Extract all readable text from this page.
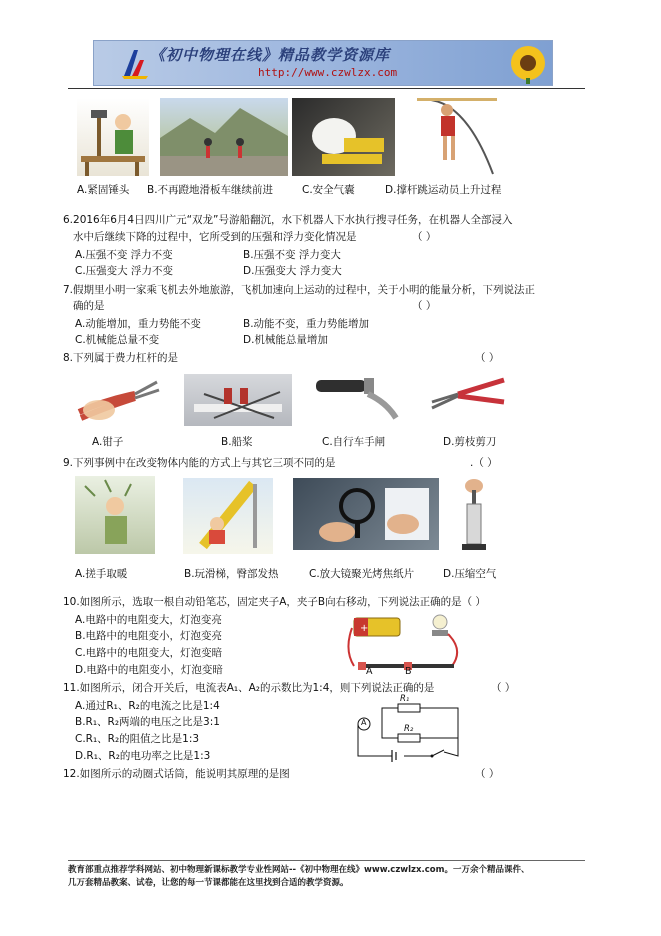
《初中物理在线》精品教学资源库
http://www.czwlzx.com
A.紧固锤头 B.不再蹬地滑板车继续前进	C.安全气囊	D.撑杆跳运动员上升过程
6.2016年6月4日四川广元“双龙”号游船翻沉，水下机器人下水执行搜寻任务，在机器人全部浸入
水中后继续下降的过程中，它所受到的压强和浮力变化情况是	（ ）
A.压强不变 浮力不变	B.压强不变 浮力变大
C.压强变大 浮力不变	D.压强变大 浮力变大
7.假期里小明一家乘飞机去外地旅游，飞机加速向上运动的过程中，关于小明的能量分析，下列说法正
确的是	（ ）
A.动能增加，重力势能不变	B.动能不变，重力势能增加
C.机械能总量不变	D.机械能总量增加
8.下列属于费力杠杆的是	（ ）
A.钳子	B.船桨	C.自行车手闸	D.剪枝剪刀
9.下列事例中在改变物体内能的方式上与其它三项不同的是	.（ ）
A.搓手取暖	B.玩滑梯，臀部发热	C.放大镜聚光烤焦纸片	D.压缩空气
10.如图所示，选取一根自动铅笔芯，固定夹子A，夹子B向右移动，下列说法正确的是（ ）
A.电路中的电阻变大，灯泡变亮
B.电路中的电阻变小，灯泡变亮
C.电路中的电阻变大，灯泡变暗
D.电路中的电阻变小，灯泡变暗
+
A	B
11.如图所示，闭合开关后，电流表A₁、A₂的示数比为1:4，则下列说法正确的是	（ ）
A.通过R₁、R₂的电流之比是1:4
B.R₁、R₂两端的电压之比是3:1
C.R₁、R₂的阻值之比是1:3
D.R₁、R₂的电功率之比是1:3
A
R₁
R₂
12.如图所示的动圈式话筒，能说明其原理的是图	（ ）
教育部重点推荐学科网站、初中物理新课标教学专业性网站--《初中物理在线》www.czwlzx.com。一万余个精品课件、
几万套精品教案、试卷，让您的每一节课都能在这里找到合适的教学资源。
